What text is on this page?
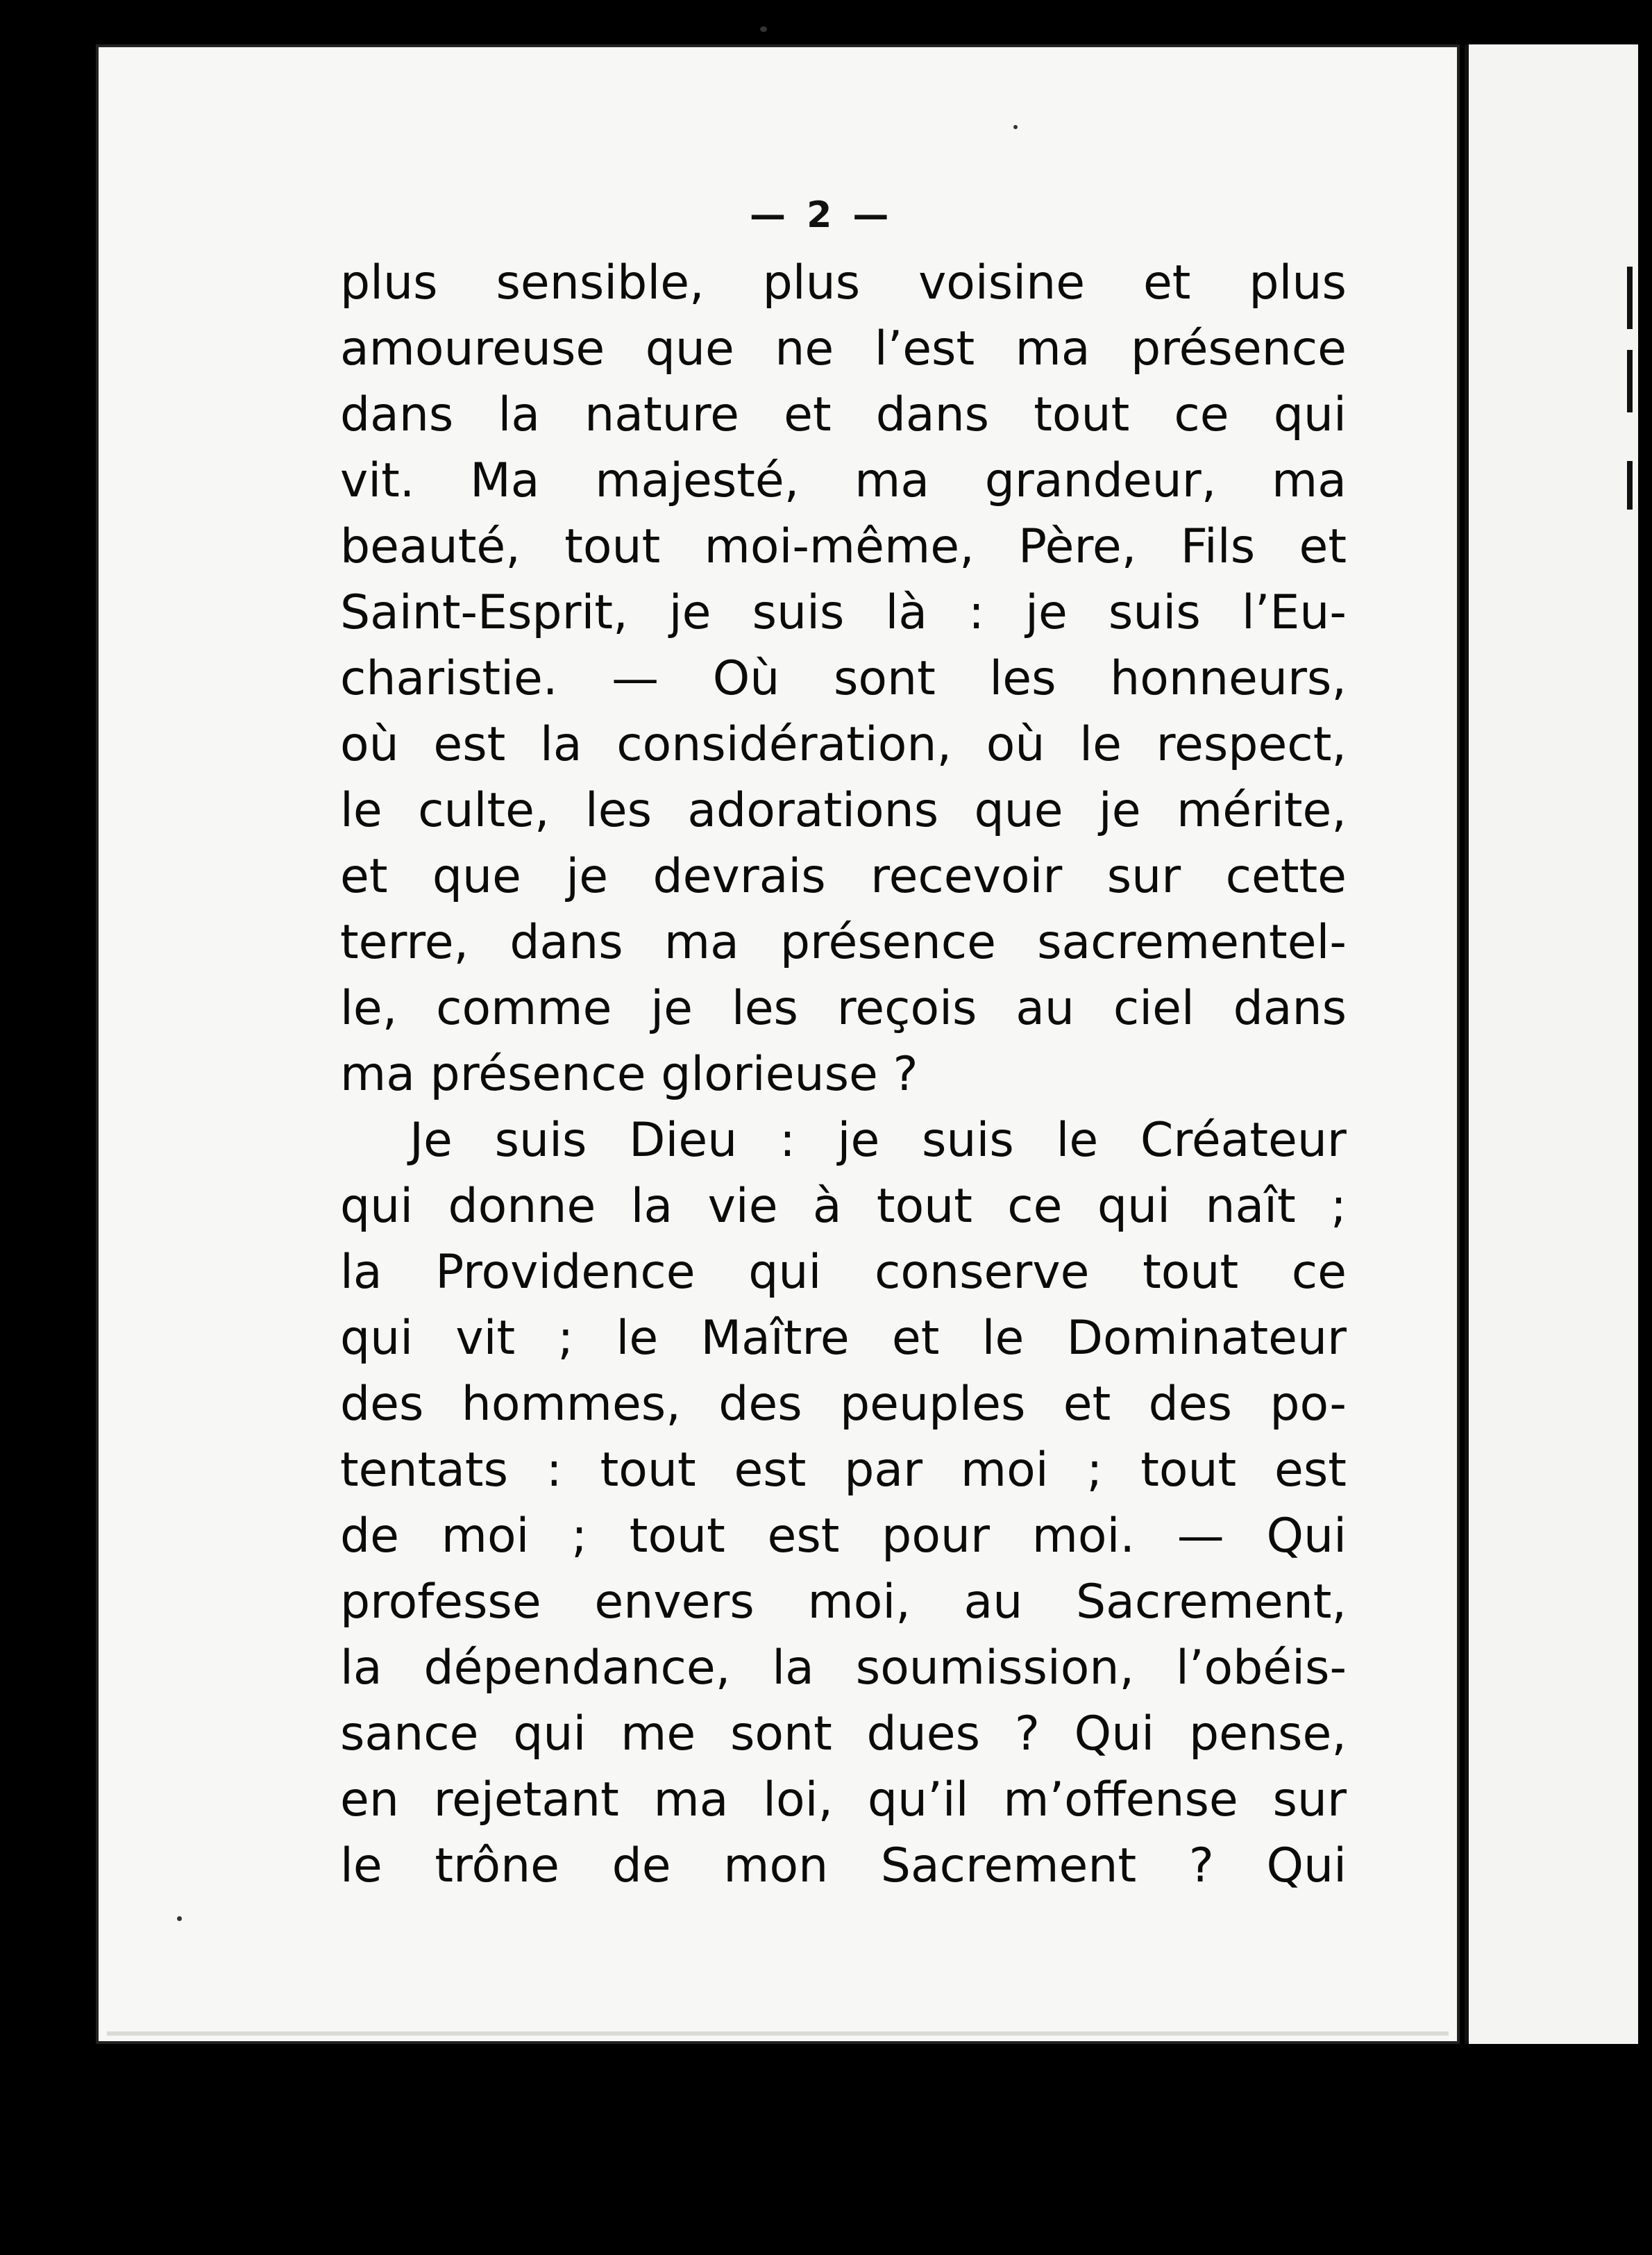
— 2 —
plus sensible, plus voisine et plus
amoureuse que ne l’est ma présence
dans la nature et dans tout ce qui
vit. Ma majesté, ma grandeur, ma
beauté, tout moi-même, Père, Fils et
Saint-Esprit, je suis là : je suis l’Eu-
charistie. — Où sont les honneurs,
où est la considération, où le respect,
le culte, les adorations que je mérite,
et que je devrais recevoir sur cette
terre, dans ma présence sacrementel-
le, comme je les reçois au ciel dans
ma présence glorieuse ?
Je suis Dieu : je suis le Créateur
qui donne la vie à tout ce qui naît ;
la Providence qui conserve tout ce
qui vit ; le Maître et le Dominateur
des hommes, des peuples et des po-
tentats : tout est par moi ; tout est
de moi ; tout est pour moi. — Qui
professe envers moi, au Sacrement,
la dépendance, la soumission, l’obéis-
sance qui me sont dues ? Qui pense,
en rejetant ma loi, qu’il m’offense sur
le trône de mon Sacrement ? Qui
